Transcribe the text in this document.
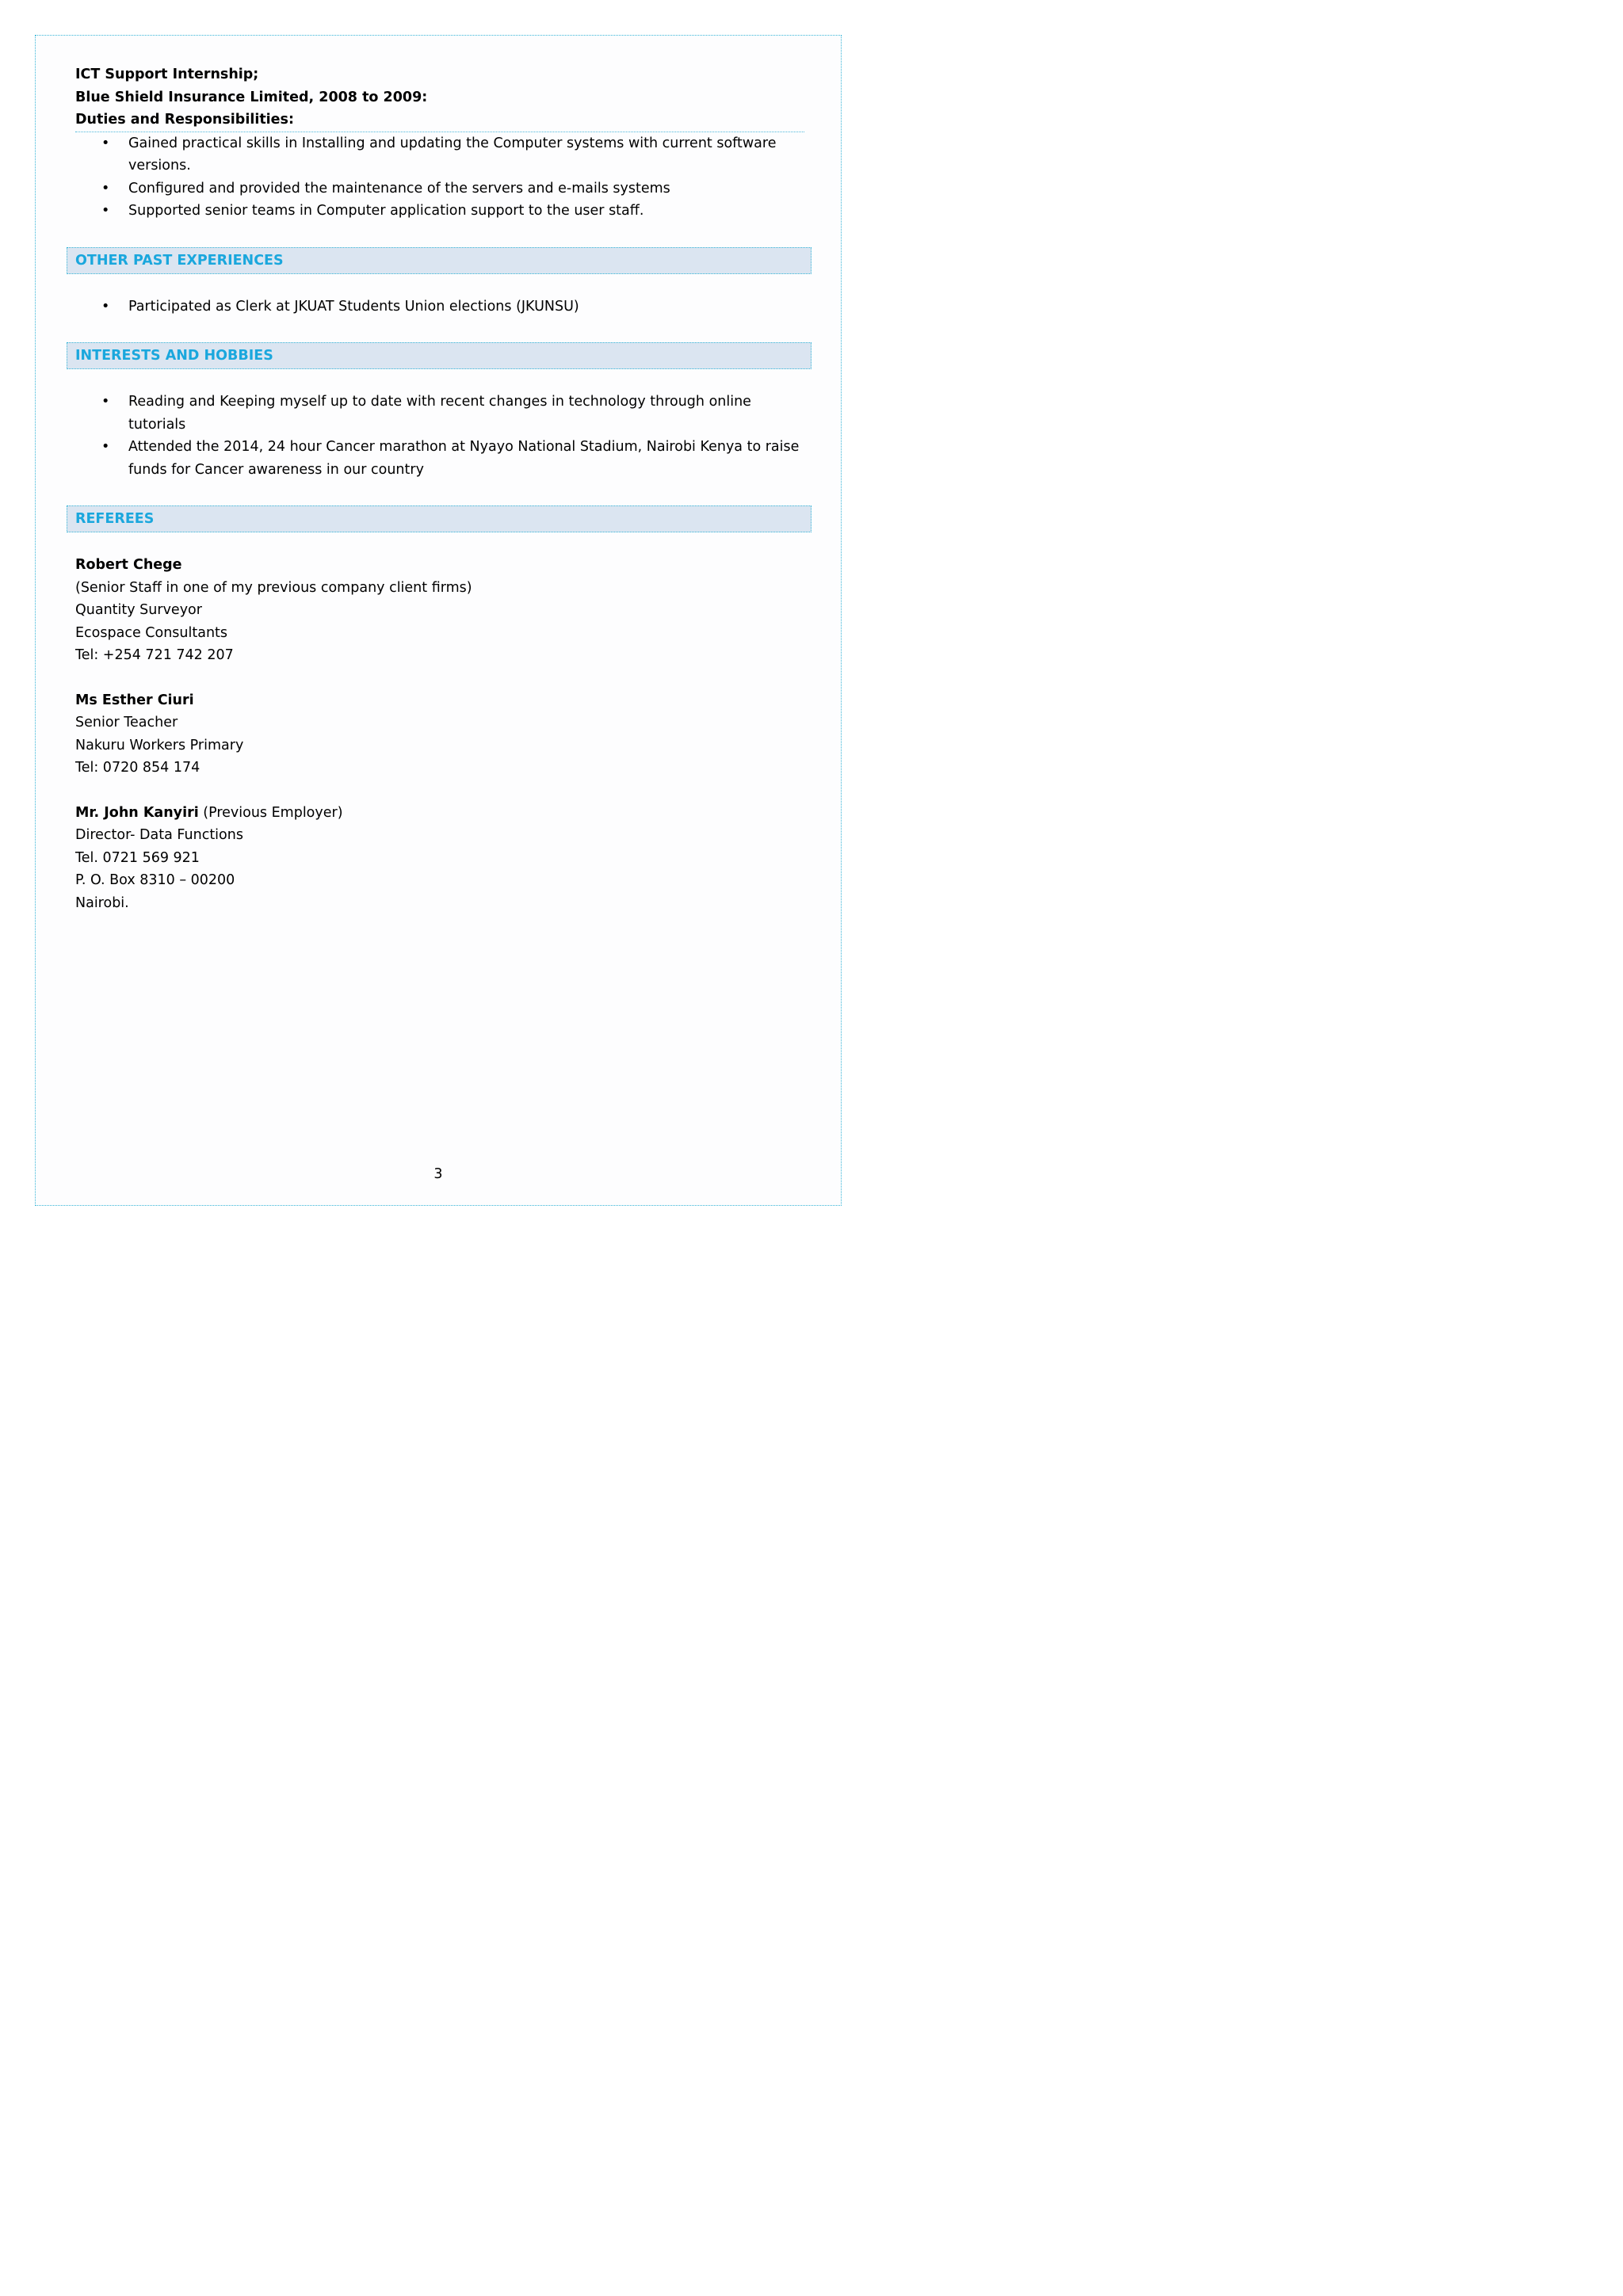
ICT Support Internship;
Blue Shield Insurance Limited, 2008 to 2009:
Duties and Responsibilities:
• Gained practical skills in Installing and updating the Computer systems with current software versions.
• Configured and provided the maintenance of the servers and e-mails systems
• Supported senior teams in Computer application support to the user staff.
OTHER PAST EXPERIENCES
• Participated as Clerk at JKUAT Students Union elections (JKUNSU)
INTERESTS AND HOBBIES
• Reading and Keeping myself up to date with recent changes in technology through online tutorials
• Attended the 2014, 24 hour Cancer marathon at Nyayo National Stadium, Nairobi Kenya to raise funds for Cancer awareness in our country
REFEREES
Robert Chege
(Senior Staff in one of my previous company client firms)
Quantity Surveyor
Ecospace Consultants
Tel: +254 721 742 207
Ms Esther Ciuri
Senior Teacher
Nakuru Workers Primary
Tel: 0720 854 174
Mr. John Kanyiri (Previous Employer)
Director- Data Functions
Tel. 0721 569 921
P. O. Box 8310 – 00200
Nairobi.
3
